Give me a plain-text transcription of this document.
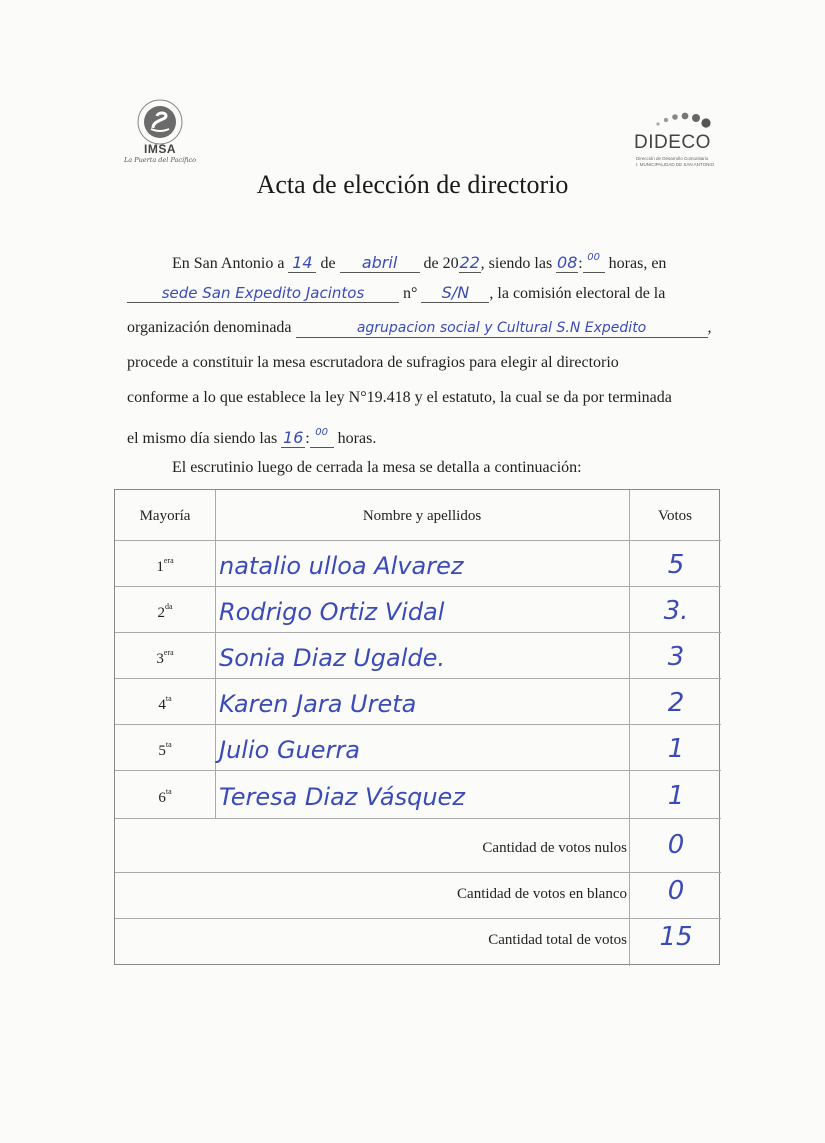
IMSA
La Puerta del Pacífico
DIDECO
Dirección de Desarrollo Comunitario
I. MUNICIPALIDAD DE SAN ANTONIO
Acta de elección de directorio
En San Antonio a 14 de abril de 2022, siendo las 08: $^{00}$ horas, en
sede San Expedito Jacintos n° S/N , la comisión electoral de la
organización denominada	agrupacion social y Cultural S.N Expedito	,
procede a constituir la mesa escrutadora de sufragios para elegir al directorio
conforme a lo que establece la ley N°19.418 y el estatuto, la cual se da por terminada
el mismo día siendo las 16 : $^{00}$ horas.
El escrutinio luego de cerrada la mesa se detalla a continuación:
Mayoría	Nombre y apellidos	Votos
$1^{era}$	natalio ulloa Alvarez	5
$2^{da}$	Rodrigo Ortiz Vidal	3.
$3^{era}$	Sonia Diaz Ugalde.	3
$4^{ta}$	Karen Jara Ureta	2
$5^{ta}$	Julio Guerra	1
$6^{ta}$	Teresa Diaz Vásquez	1
Cantidad de votos nulos	0
Cantidad de votos en blanco	0
Cantidad total de votos	15
